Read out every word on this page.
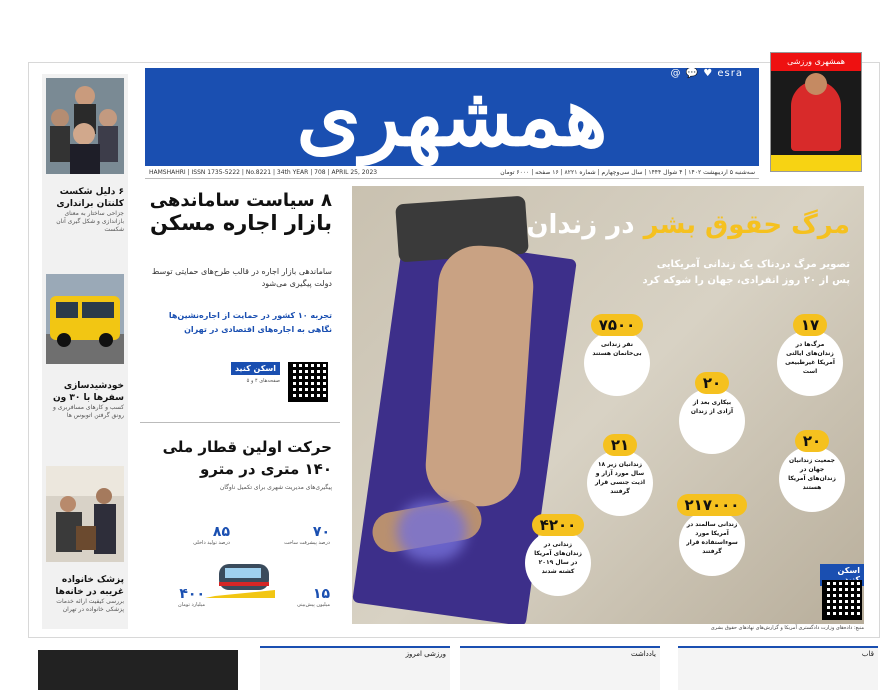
همشهری	@ 💬 ♥ esra
HAMSHAHRI | ISSN 1735-5222 | No.8221 | 34th YEAR | 708 | APRIL 25, 2023	سه‌شنبه ۵ اردیبهشت ۱۴۰۲ | ۴ شوال ۱۴۴۴ | سال سی‌وچهارم | شماره ۸۲۲۱ | ۱۶ صفحه | ۶۰۰۰ تومان
همشهری ورزشی
۶ دلیل شکست کلنتان برانداری

جزاحی ساختار به معنای بازاندازی و شکل گیری آنان شکست

خودشیدسازی سفرها با ۳۰ ون

کسب و کارهای مسافربری و رونق گرفتن اتوبوس ها

پزشک خانواده غریبه در خانه‌ها

بررسی کیفیت ارائه خدمات پزشکی خانواده در تهران

۸ سیاست ساماندهی
بازار اجاره مسکن
ساماندهی بازار اجاره در قالب طرح‌های حمایتی توسط دولت پیگیری می‌شود
تجربه ۱۰ کشور در حمایت از اجاره‌نشین‌ها
نگاهی به اجاره‌های اقتصادی در تهران
اسکن کنید
صفحه‌های ۴ و ۵
حرکت اولین قطار ملی
۱۴۰ متری در مترو
پیگیری‌های مدیریت شهری برای تکمیل ناوگان
۷۰
درصد پیشرفت ساخت
۸۵
درصد تولید داخلی
۱۵
میلیون پیش‌بینی
۴۰۰
میلیارد تومان
مرگ حقوق بشر در زندان
تصویر مرگ دردناک یک زندانی آمریکایی
پس از ۲۰ روز انفرادی، جهان را شوکه کرد
۱۷
مرگ‌ها در زندان‌های ایالتی آمریکا غیرطبیعی است
۷۵۰۰
نفر زندانی بی‌خانمان هستند
۲۰
بیکاری بعد از آزادی از زندان
۲۰
جمعیت زندانیان جهان در زندان‌های آمریکا هستند
۲۱
زندانیان زیر ۱۸ سال مورد آزار و اذیت جنسی قرار گرفتند
۴۲۰۰
زندانی در زندان‌های آمریکا در سال ۲۰۱۹ کشته شدند
۲۱۷۰۰۰
زندانی سالمند در آمریکا مورد سوءاستفاده قرار گرفتند
اسکن
منبع: داده‌های وزارت دادگستری آمریکا و گزارش‌های نهادهای حقوق بشری
ورزشی امروز	یادداشت	قاب
